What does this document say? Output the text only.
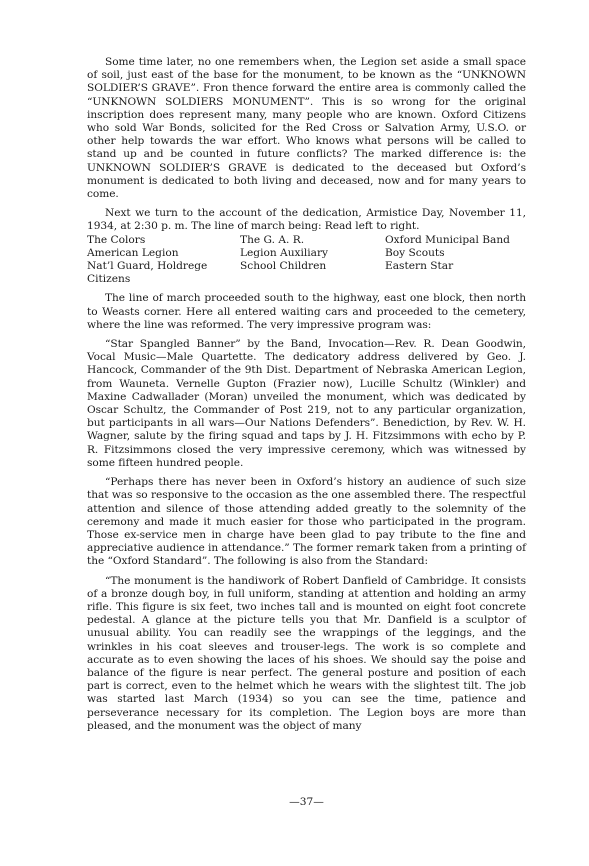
Some time later, no one remembers when, the Legion set aside a small space of soil, just east of the base for the monument, to be known as the “UNKNOWN SOLDIER’S GRAVE”. Fron thence forward the entire area is commonly called the “UNKNOWN SOLDIERS MONUMENT”. This is so wrong for the original inscription does represent many, many people who are known. Oxford Citizens who sold War Bonds, solicited for the Red Cross or Salvation Army, U.S.O. or other help towards the war effort. Who knows what persons will be called to stand up and be counted in future conflicts? The marked difference is: the UNKNOWN SOLDIER’S GRAVE is dedicated to the deceased but Oxford’s monument is dedicated to both living and deceased, now and for many years to come.

Next we turn to the account of the dedication, Armistice Day, November 11, 1934, at 2:30 p. m. The line of march being: Read left to right.

The Colors
American Legion
Nat’l Guard, Holdrege
Citizens
The G. A. R.
Legion Auxiliary
School Children
Oxford Municipal Band
Boy Scouts
Eastern Star

The line of march proceeded south to the highway, east one block, then north to Weasts corner. Here all entered waiting cars and proceeded to the cemetery, where the line was reformed. The very impressive program was:

“Star Spangled Banner” by the Band, Invocation—Rev. R. Dean Goodwin, Vocal Music—Male Quartette. The dedicatory address delivered by Geo. J. Hancock, Commander of the 9th Dist. Department of Nebraska American Legion, from Wauneta. Vernelle Gupton (Frazier now), Lucille Schultz (Winkler) and Maxine Cadwallader (Moran) unveiled the monument, which was dedicated by Oscar Schultz, the Commander of Post 219, not to any particular organization, but participants in all wars—Our Nations Defenders”. Benediction, by Rev. W. H. Wagner, salute by the firing squad and taps by J. H. Fitzsimmons with echo by P. R. Fitzsimmons closed the very impressive ceremony, which was witnessed by some fifteen hundred people.

“Perhaps there has never been in Oxford’s history an audience of such size that was so responsive to the occasion as the one assembled there. The respectful attention and silence of those attending added greatly to the solemnity of the ceremony and made it much easier for those who participated in the program. Those ex-service men in charge have been glad to pay tribute to the fine and appreciative audience in attendance.” The former remark taken from a printing of the “Oxford Standard”. The following is also from the Standard:

“The monument is the handiwork of Robert Danfield of Cambridge. It consists of a bronze dough boy, in full uniform, standing at attention and holding an army rifle. This figure is six feet, two inches tall and is mounted on eight foot concrete pedestal. A glance at the picture tells you that Mr. Danfield is a sculptor of unusual ability. You can readily see the wrappings of the leggings, and the wrinkles in his coat sleeves and trouser-legs. The work is so complete and accurate as to even showing the laces of his shoes. We should say the poise and balance of the figure is near perfect. The general posture and position of each part is correct, even to the helmet which he wears with the slightest tilt. The job was started last March (1934) so you can see the time, patience and perseverance necessary for its completion. The Legion boys are more than pleased, and the monument was the object of many

—37—
